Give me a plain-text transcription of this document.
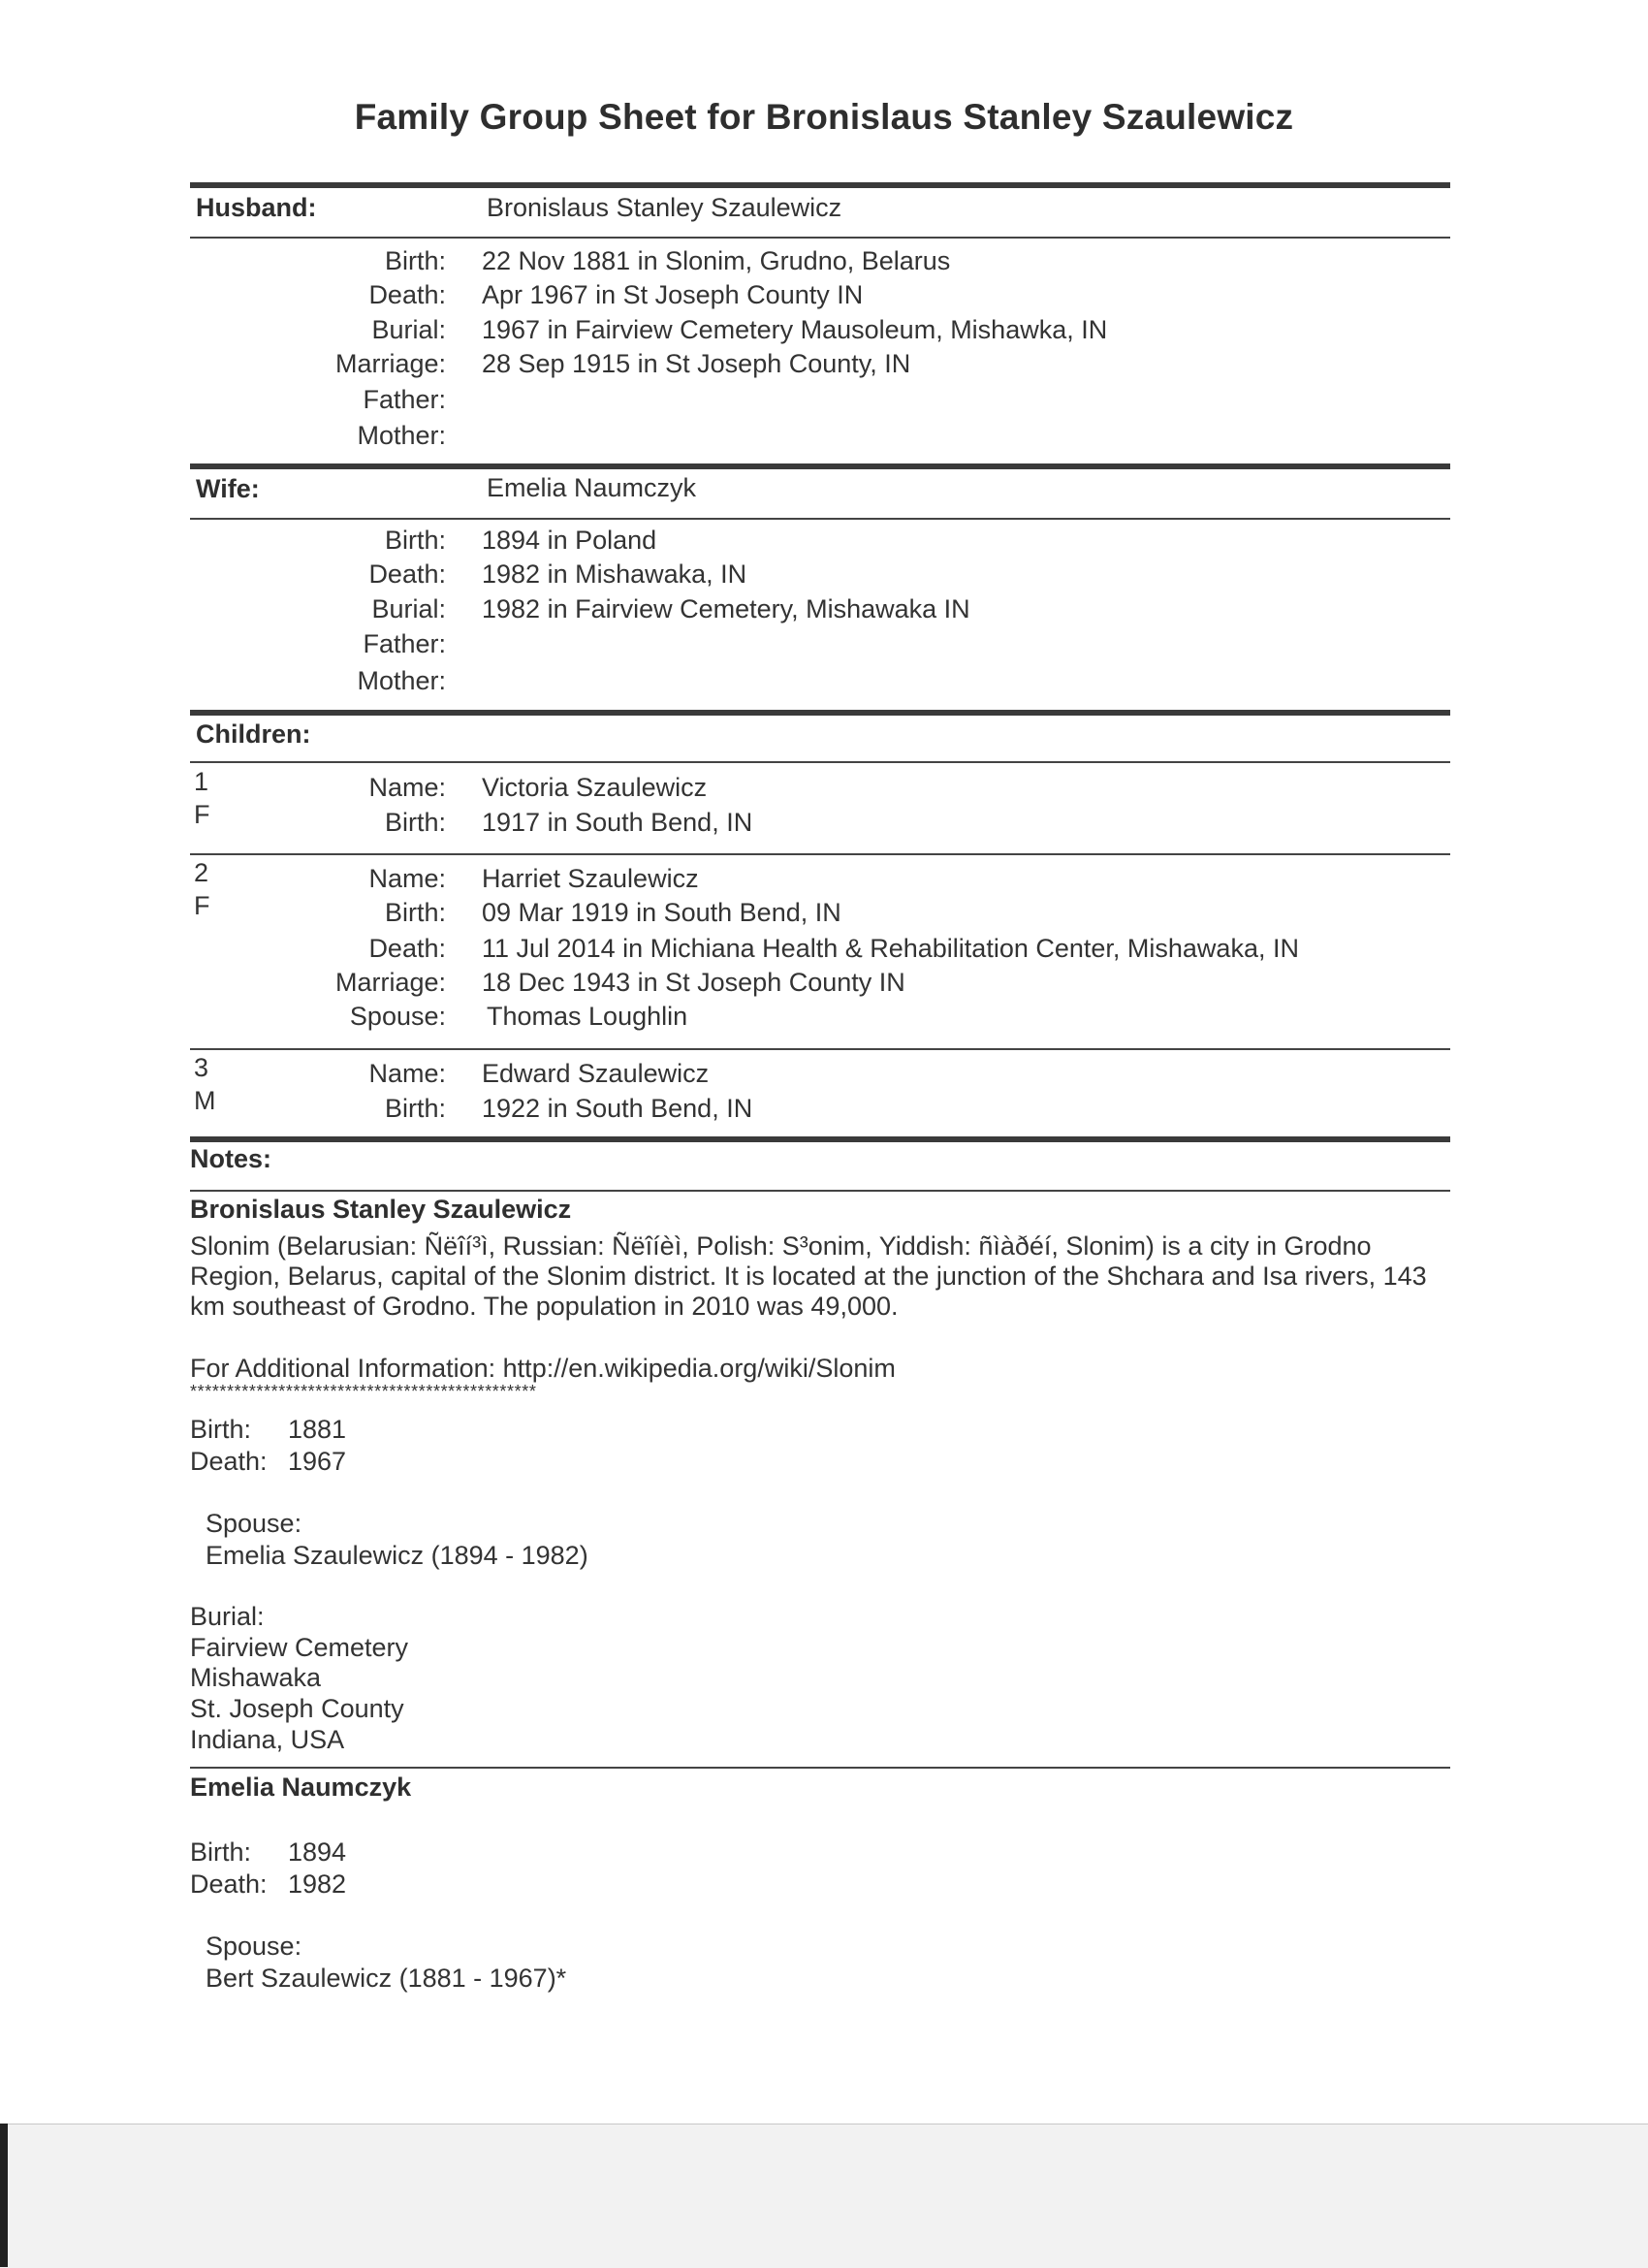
Family Group Sheet for Bronislaus Stanley Szaulewicz
Husband:	Bronislaus Stanley Szaulewicz
Birth: 22 Nov 1881 in Slonim, Grudno, Belarus
Death: Apr 1967 in St Joseph County IN
Burial: 1967 in Fairview Cemetery Mausoleum, Mishawka, IN
Marriage: 28 Sep 1915 in St Joseph County, IN
Father:
Mother:
Wife:	Emelia Naumczyk
Birth: 1894 in Poland
Death: 1982 in Mishawaka, IN
Burial: 1982 in Fairview Cemetery, Mishawaka IN
Father:
Mother:
Children:
1
F
Name: Victoria Szaulewicz
Birth: 1917 in South Bend, IN
2
F
Name: Harriet Szaulewicz
Birth: 09 Mar 1919 in South Bend, IN
Death: 11 Jul 2014 in Michiana Health & Rehabilitation Center, Mishawaka, IN
Marriage: 18 Dec 1943 in St Joseph County IN
Spouse: Thomas Loughlin
3
M
Name: Edward Szaulewicz
Birth: 1922 in South Bend, IN
Notes:
Bronislaus Stanley Szaulewicz
Slonim (Belarusian: Ñëîí³ì, Russian: Ñëîíèì, Polish: S³onim, Yiddish: ñìàðéí, Slonim) is a city in Grodno Region, Belarus, capital of the Slonim district. It is located at the junction of the Shchara and Isa rivers, 143 km southeast of Grodno. The population in 2010 was 49,000.
For Additional Information: http://en.wikipedia.org/wiki/Slonim
***********************************************
Birth: 1881
Death: 1967
Spouse:
Emelia Szaulewicz (1894 - 1982)
Burial:
Fairview Cemetery
Mishawaka
St. Joseph County
Indiana, USA
Emelia Naumczyk
Birth: 1894
Death: 1982
Spouse:
Bert Szaulewicz (1881 - 1967)*
